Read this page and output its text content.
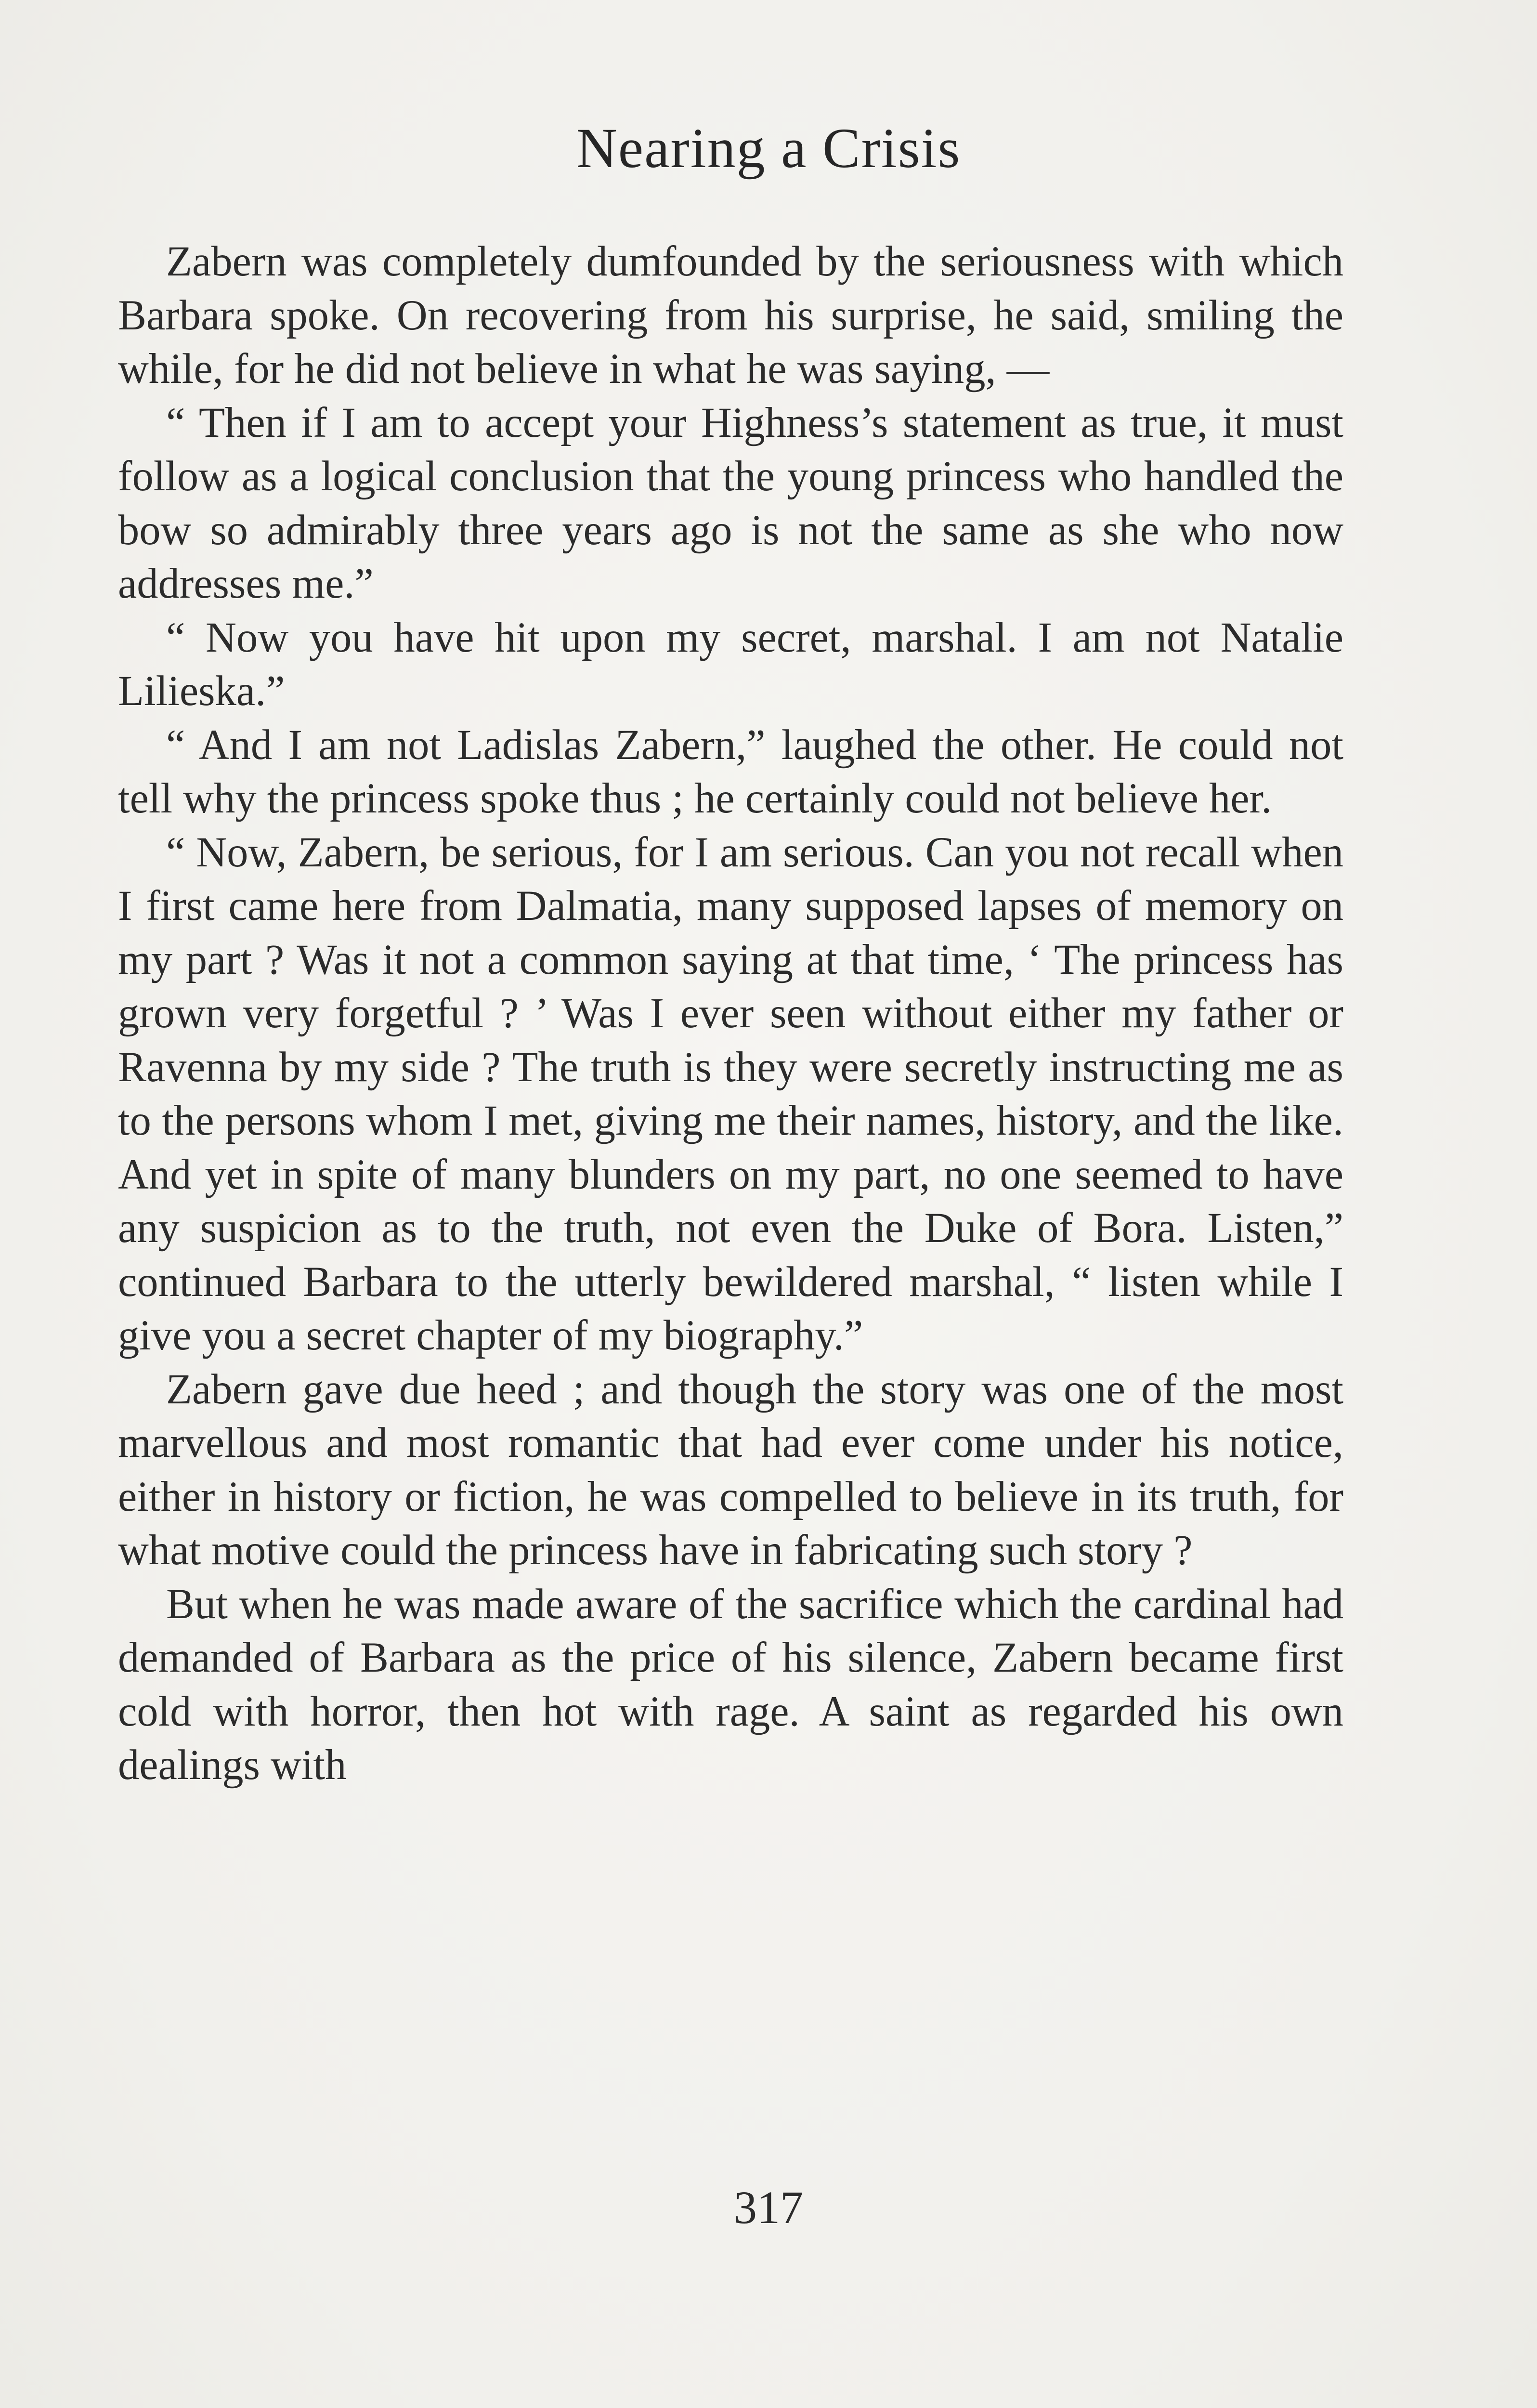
Nearing a Crisis

Zabern was completely dumfounded by the seriousness with which Barbara spoke. On recovering from his surprise, he said, smiling the while, for he did not believe in what he was saying, —

“ Then if I am to accept your Highness’s statement as true, it must follow as a logical conclusion that the young princess who handled the bow so admirably three years ago is not the same as she who now addresses me.”

“ Now you have hit upon my secret, marshal. I am not Natalie Lilieska.”

“ And I am not Ladislas Zabern,” laughed the other. He could not tell why the princess spoke thus ; he certainly could not believe her.

“ Now, Zabern, be serious, for I am serious. Can you not recall when I first came here from Dalmatia, many supposed lapses of memory on my part ? Was it not a common saying at that time, ‘ The princess has grown very forgetful ? ’ Was I ever seen without either my father or Ravenna by my side ? The truth is they were secretly instructing me as to the persons whom I met, giving me their names, history, and the like. And yet in spite of many blunders on my part, no one seemed to have any suspicion as to the truth, not even the Duke of Bora. Listen,” continued Barbara to the utterly bewildered marshal, “ listen while I give you a secret chapter of my biography.”

Zabern gave due heed ; and though the story was one of the most marvellous and most romantic that had ever come under his notice, either in history or fiction, he was compelled to believe in its truth, for what motive could the princess have in fabricating such story ?

But when he was made aware of the sacrifice which the cardinal had demanded of Barbara as the price of his silence, Zabern became first cold with horror, then hot with rage. A saint as regarded his own dealings with

317
